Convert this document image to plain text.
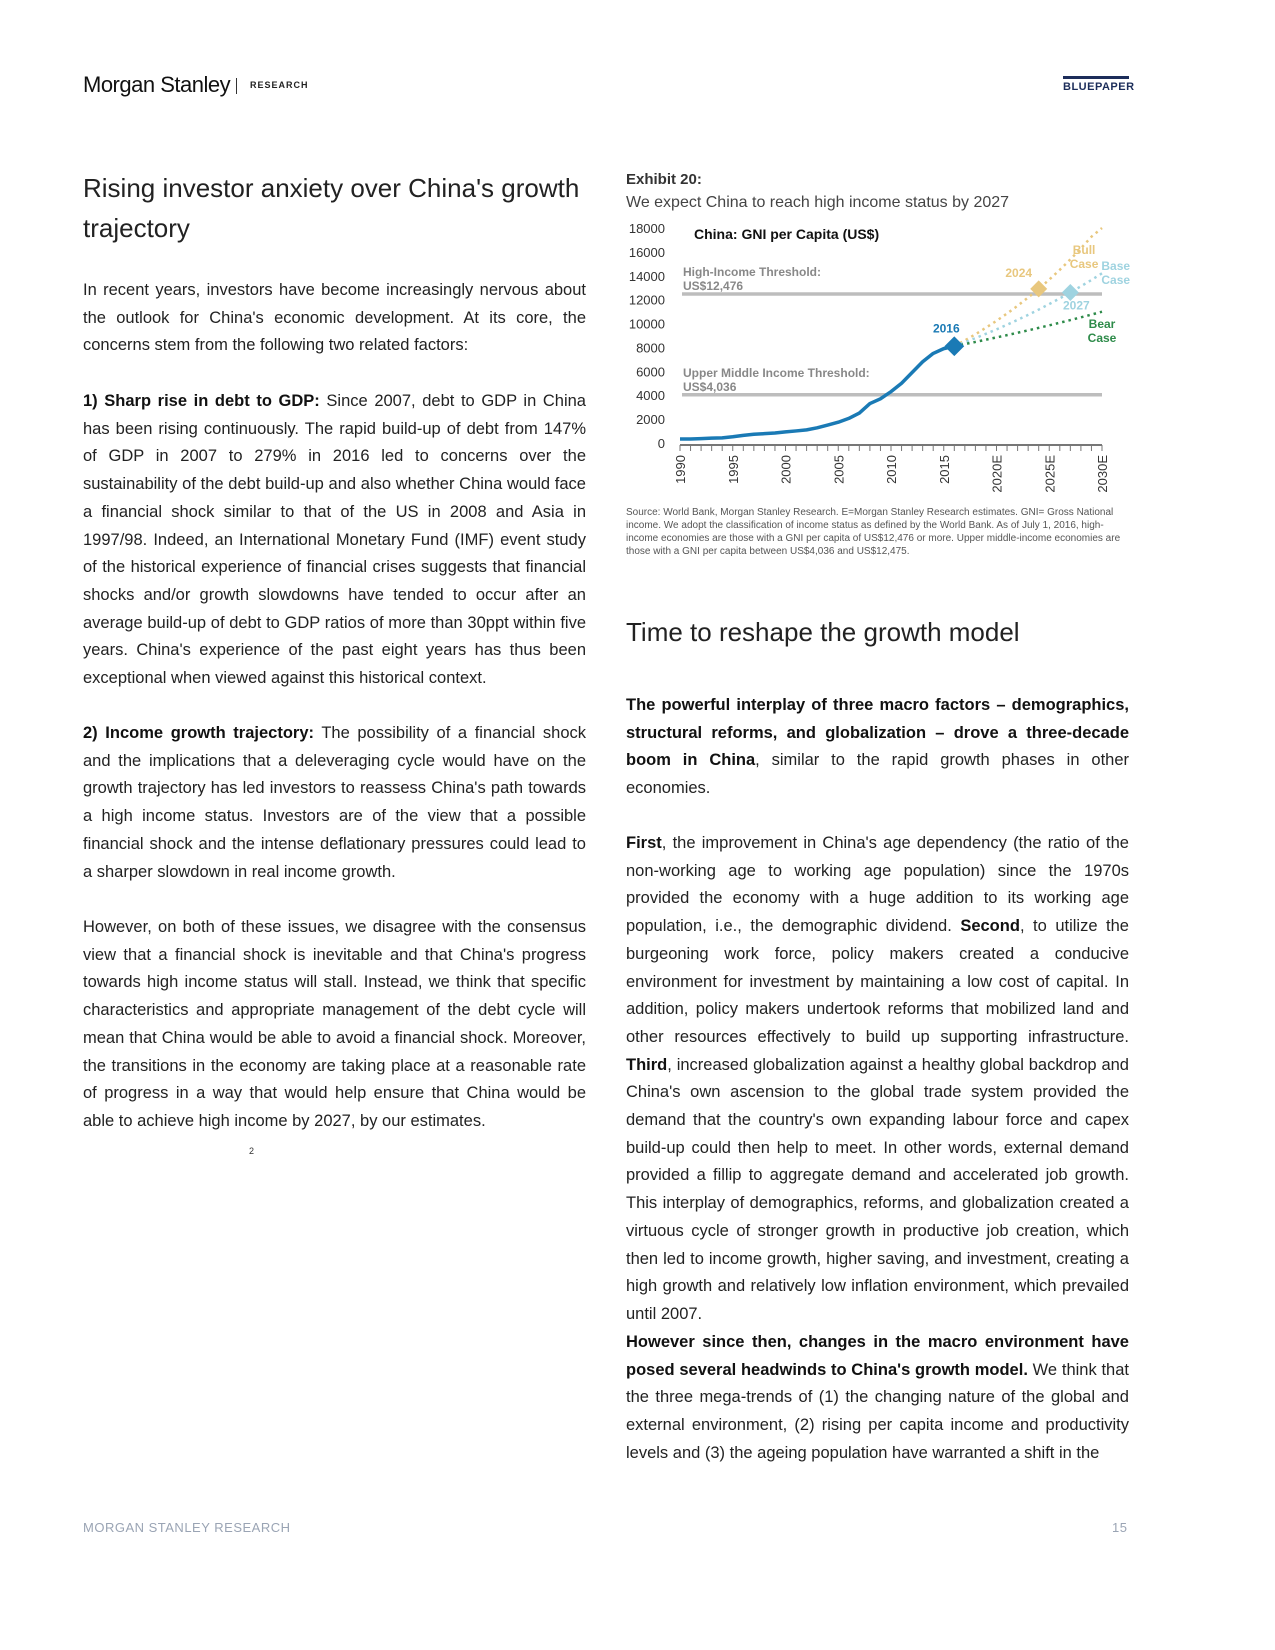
Morgan Stanley RESEARCH	BLUEPAPER
Rising investor anxiety over China's growth trajectory
In recent years, investors have become increasingly nervous about the outlook for China's economic development. At its core, the concerns stem from the following two related factors:
1) Sharp rise in debt to GDP: Since 2007, debt to GDP in China has been rising continuously. The rapid build-up of debt from 147% of GDP in 2007 to 279% in 2016 led to concerns over the sustainability of the debt build-up and also whether China would face a financial shock similar to that of the US in 2008 and Asia in 1997/98. Indeed, an International Monetary Fund (IMF) event study of the historical experience of financial crises suggests that financial shocks and/or growth slowdowns have tended to occur after an average build-up of debt to GDP ratios of more than 30ppt within five years. China's experience of the past eight years has thus been exceptional when viewed against this historical context.
2) Income growth trajectory: The possibility of a financial shock and the implications that a deleveraging cycle would have on the growth trajectory has led investors to reassess China's path towards a high income status. Investors are of the view that a possible financial shock and the intense deflationary pressures could lead to a sharper slowdown in real income growth.
However, on both of these issues, we disagree with the consensus view that a financial shock is inevitable and that China's progress towards high income status will stall. Instead, we think that specific characteristics and appropriate management of the debt cycle will mean that China would be able to avoid a financial shock. Moreover, the transitions in the economy are taking place at a reasonable rate of progress in a way that would help ensure that China would be able to achieve high income by 2027, by our estimates.
2
Exhibit 20:
We expect China to reach high income status by 2027
0
2000
4000
6000
8000
10000
12000
14000
16000
18000 China: GNI per Capita (US$)
High-Income Threshold:
US$12,476
Upper Middle Income Threshold:
US$4,036
1990	1995	2000	2005	2010	2015	2020E	2025E	2030E
Bull
Case
2024	Base
Case
2027
Bear
Case
2016
Source: World Bank, Morgan Stanley Research. E=Morgan Stanley Research estimates. GNI= Gross National income. We adopt the classification of income status as defined by the World Bank. As of July 1, 2016, high-income economies are those with a GNI per capita of US$12,476 or more. Upper middle-income economies are those with a GNI per capita between US$4,036 and US$12,475.
Time to reshape the growth model
The powerful interplay of three macro factors – demographics, structural reforms, and globalization – drove a three-decade boom in China, similar to the rapid growth phases in other economies.
First, the improvement in China's age dependency (the ratio of the non-working age to working age population) since the 1970s provided the economy with a huge addition to its working age population, i.e., the demographic dividend. Second, to utilize the burgeoning work force, policy makers created a conducive environment for investment by maintaining a low cost of capital. In addition, policy makers undertook reforms that mobilized land and other resources effectively to build up supporting infrastructure. Third, increased globalization against a healthy global backdrop and China's own ascension to the global trade system provided the demand that the country's own expanding labour force and capex build-up could then help to meet. In other words, external demand provided a fillip to aggregate demand and accelerated job growth. This interplay of demographics, reforms, and globalization created a virtuous cycle of stronger growth in productive job creation, which then led to income growth, higher saving, and investment, creating a high growth and relatively low inflation environment, which prevailed until 2007.
However since then, changes in the macro environment have posed several headwinds to China's growth model. We think that the three mega-trends of (1) the changing nature of the global and external environment, (2) rising per capita income and productivity levels and (3) the ageing population have warranted a shift in the
MORGAN STANLEY RESEARCH	15
